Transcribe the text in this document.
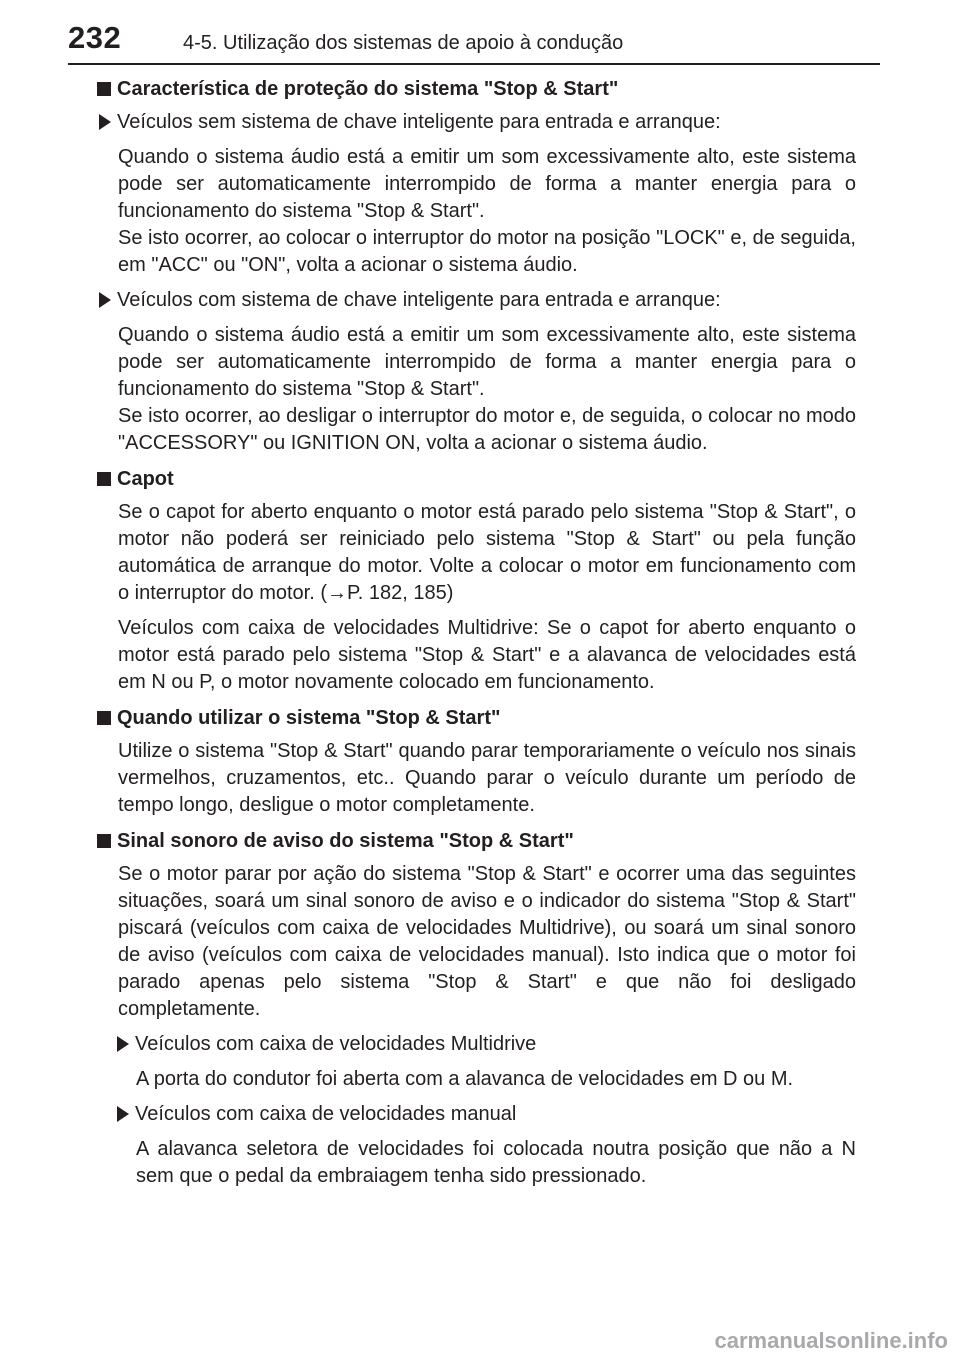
232	4-5. Utilização dos sistemas de apoio à condução
Característica de proteção do sistema "Stop & Start"
Veículos sem sistema de chave inteligente para entrada e arranque:
Quando o sistema áudio está a emitir um som excessivamente alto, este sistema pode ser automaticamente interrompido de forma a manter energia para o funcionamento do sistema "Stop & Start".
Se isto ocorrer, ao colocar o interruptor do motor na posição "LOCK" e, de seguida, em "ACC" ou "ON", volta a acionar o sistema áudio.
Veículos com sistema de chave inteligente para entrada e arranque:
Quando o sistema áudio está a emitir um som excessivamente alto, este sistema pode ser automaticamente interrompido de forma a manter energia para o funcionamento do sistema "Stop & Start".
Se isto ocorrer, ao desligar o interruptor do motor e, de seguida, o colocar no modo "ACCESSORY" ou IGNITION ON, volta a acionar o sistema áudio.
Capot
Se o capot for aberto enquanto o motor está parado pelo sistema "Stop & Start", o motor não poderá ser reiniciado pelo sistema "Stop & Start" ou pela função automática de arranque do motor. Volte a colocar o motor em funcionamento com o interruptor do motor. (→P. 182, 185)
Veículos com caixa de velocidades Multidrive: Se o capot for aberto enquanto o motor está parado pelo sistema "Stop & Start" e a alavanca de velocidades está em N ou P, o motor novamente colocado em funcionamento.
Quando utilizar o sistema "Stop & Start"
Utilize o sistema "Stop & Start" quando parar temporariamente o veículo nos sinais vermelhos, cruzamentos, etc.. Quando parar o veículo durante um período de tempo longo, desligue o motor completamente.
Sinal sonoro de aviso do sistema "Stop & Start"
Se o motor parar por ação do sistema "Stop & Start" e ocorrer uma das seguintes situações, soará um sinal sonoro de aviso e o indicador do sistema "Stop & Start" piscará (veículos com caixa de velocidades Multidrive), ou soará um sinal sonoro de aviso (veículos com caixa de velocidades manual). Isto indica que o motor foi parado apenas pelo sistema "Stop & Start" e que não foi desligado completamente.
Veículos com caixa de velocidades Multidrive
A porta do condutor foi aberta com a alavanca de velocidades em D ou M.
Veículos com caixa de velocidades manual
A alavanca seletora de velocidades foi colocada noutra posição que não a N sem que o pedal da embraiagem tenha sido pressionado.
carmanualsonline.info
